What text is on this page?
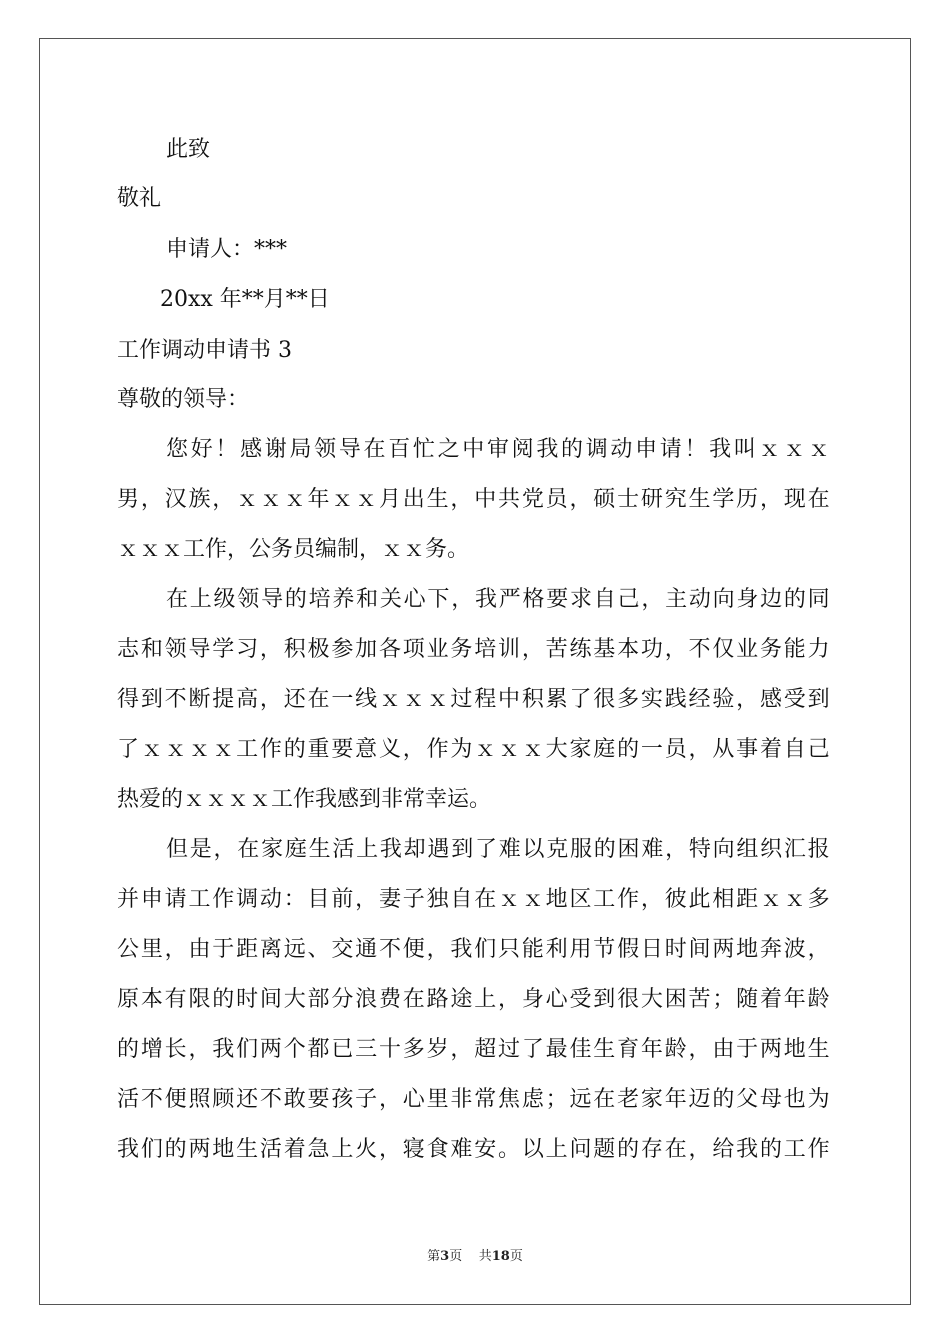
此致
敬礼
申请人：***
20xx 年**月**日
工作调动申请书 3
尊敬的领导：
您 好 ！ 感 谢 局 领 导 在 百 忙 之 中 审 阅 我 的 调 动 申 请 ！ 我 叫 ｘ ｘ ｘ
男 ， 汉 族 ， ｘ ｘ ｘ 年 ｘ ｘ 月 出 生 ， 中 共 党 员 ， 硕 士 研 究 生 学 历 ， 现 在
ｘｘｘ工作，公务员编制，ｘｘ务。
在 上 级 领 导 的 培 养 和 关 心 下 ， 我 严 格 要 求 自 己 ， 主 动 向 身 边 的 同
志 和 领 导 学 习 ， 积 极 参 加 各 项 业 务 培 训 ， 苦 练 基 本 功 ， 不 仅 业 务 能 力
得 到 不 断 提 高 ， 还 在 一 线 ｘ ｘ ｘ 过 程 中 积 累 了 很 多 实 践 经 验 ， 感 受 到
了 ｘ ｘ ｘ ｘ 工 作 的 重 要 意 义 ， 作 为 ｘ ｘ ｘ 大 家 庭 的 一 员 ， 从 事 着 自 己
热爱的ｘｘｘｘ工作我感到非常幸运。
但 是 ， 在 家 庭 生 活 上 我 却 遇 到 了 难 以 克 服 的 困 难 ， 特 向 组 织 汇 报
并 申 请 工 作 调 动 ： 目 前 ， 妻 子 独 自 在 ｘ ｘ 地 区 工 作 ， 彼 此 相 距 ｘ ｘ 多
公 里 ， 由 于 距 离 远 、 交 通 不 便 ， 我 们 只 能 利 用 节 假 日 时 间 两 地 奔 波 ，
原 本 有 限 的 时 间 大 部 分 浪 费 在 路 途 上 ， 身 心 受 到 很 大 困 苦 ； 随 着 年 龄
的 增 长 ， 我 们 两 个 都 已 三 十 多 岁 ， 超 过 了 最 佳 生 育 年 龄 ， 由 于 两 地 生
活 不 便 照 顾 还 不 敢 要 孩 子 ， 心 里 非 常 焦 虑 ； 远 在 老 家 年 迈 的 父 母 也 为
我 们 的 两 地 生 活 着 急 上 火 ， 寝 食 难 安 。 以 上 问 题 的 存 在 ， 给 我 的 工 作
第3页 共18页
